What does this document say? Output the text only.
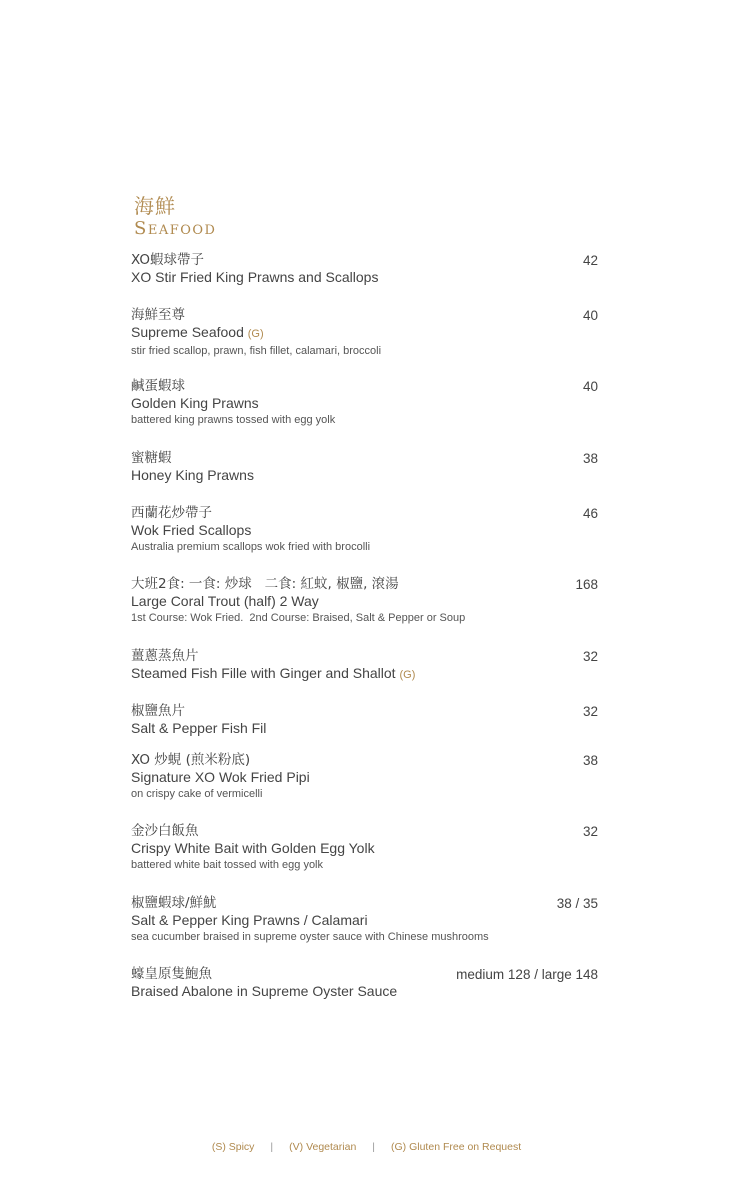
海鮮
Seafood
XO蝦球帶子
XO Stir Fried King Prawns and Scallops
42
海鮮至尊
Supreme Seafood (G)
stir fried scallop, prawn, fish fillet, calamari, broccoli
40
鹹蛋蝦球
Golden King Prawns
battered king prawns tossed with egg yolk
40
蜜糖蝦
Honey King Prawns
38
西蘭花炒帶子
Wok Fried Scallops
Australia premium scallops wok fried with brocolli
46
大班2食: 一食: 炒球   二食: 紅蚊, 椒鹽, 滾湯
Large Coral Trout (half) 2 Way
1st Course: Wok Fried.  2nd Course: Braised, Salt & Pepper or Soup
168
薑蔥蒸魚片
Steamed Fish Fille with Ginger and Shallot (G)
32
椒鹽魚片
Salt & Pepper Fish Fil
32
XO 炒蜆 (煎米粉底)
Signature XO Wok Fried Pipi
on crispy cake of vermicelli
38
金沙白飯魚
Crispy White Bait with Golden Egg Yolk
battered white bait tossed with egg yolk
32
椒鹽蝦球/鮮魷
Salt & Pepper King Prawns / Calamari
sea cucumber braised in supreme oyster sauce with Chinese mushrooms
38 / 35
蠔皇原隻鮑魚
Braised Abalone in Supreme Oyster Sauce
medium 128 / large 148
(S) Spicy | (V) Vegetarian | (G) Gluten Free on Request
